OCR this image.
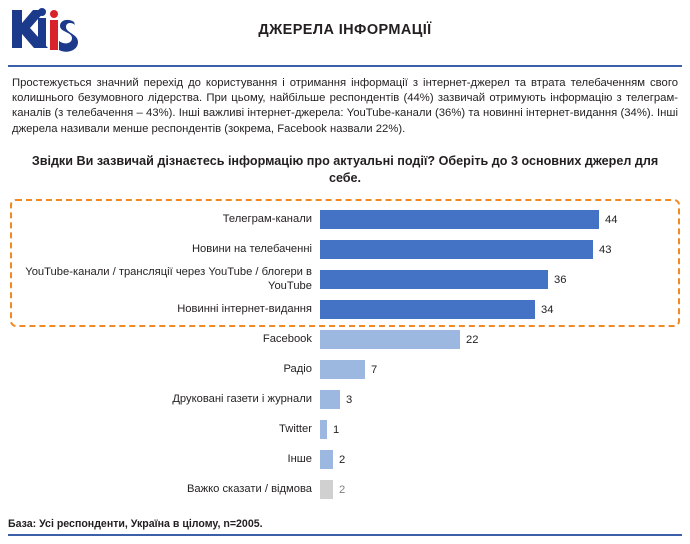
ДЖЕРЕЛА ІНФОРМАЦІЇ
Простежується значний перехід до користування і отримання інформації з інтернет-джерел та втрата телебаченням свого колишнього безумовного лідерства. При цьому, найбільше респондентів (44%) зазвичай отримують інформацію з телеграм-каналів (з телебачення – 43%). Інші важливі інтернет-джерела: YouTube-канали (36%) та новинні інтернет-видання (34%). Інші джерела називали менше респондентів (зокрема, Facebook назвали 22%).
Звідки Ви зазвичай дізнаєтесь інформацію про актуальні події? Оберіть до 3 основних джерел для себе.
Телеграм-канали	44
Новини на телебаченні	43
YouTube-канали / трансляції через YouTube / блогери в YouTube	36
Новинні інтернет-видання	34
Facebook	22
Радіо	7
Друковані газети і журнали	3
Twitter	1
Інше	2
Важко сказати / відмова	2
База: Усі респонденти, Україна в цілому, n=2005.
